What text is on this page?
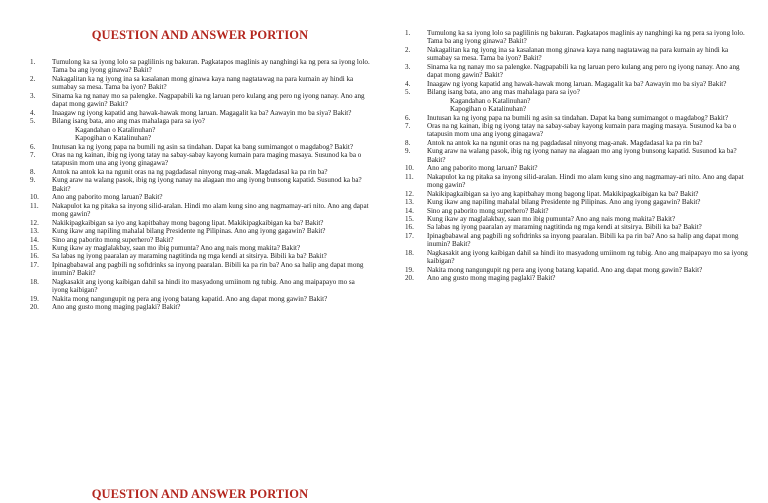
QUESTION AND ANSWER PORTION
1.	Tumulong ka sa iyong lolo sa paglilinis ng bakuran. Pagkatapos maglinis ay nanghingi ka ng pera sa iyong lolo. Tama ba ang iyong ginawa? Bakit?
2.	Nakagalitan ka ng iyong ina sa kasalanan mong ginawa kaya nang nagtatawag na para kumain ay hindi ka sumabay sa mesa. Tama ba iyon? Bakit?
3.	Sinama ka ng nanay mo sa palengke. Nagpapabili ka ng laruan pero kulang ang pero ng iyong nanay. Ano ang dapat mong gawin? Bakit?
4.	Inaagaw ng iyong kapatid ang hawak-hawak mong laruan. Magagalit ka ba? Aawayin mo ba siya? Bakit?
5.	Bilang isang bata, ano ang mas mahalaga para sa iyo?
Kagandahan o Katalinuhan?
Kapogihan o Katalinuhan?
6.	Inutusan ka ng iyong papa na bumili ng asin sa tindahan. Dapat ka bang sumimangot o magdabog? Bakit?
7.	Oras na ng kainan, ibig ng iyong tatay na sabay-sabay kayong kumain para maging masaya. Susunod ka ba o tatapusin mom una ang iyong ginagawa?
8.	Antok na antok ka na ngunit oras na ng pagdadasal ninyong mag-anak. Magdadasal ka pa rin ba?
9.	Kung araw na walang pasok, ibig ng iyong nanay na alagaan mo ang iyong bunsong kapatid. Susunod ka ba? Bakit?
10.	Ano ang paborito mong laruan? Bakit?
11.	Nakapulot ka ng pitaka sa inyong silid-aralan. Hindi mo alam kung sino ang nagmamay-ari nito. Ano ang dapat mong gawin?
12.	Nakikipagkaibigan sa iyo ang kapitbahay mong bagong lipat. Makikipagkaibigan ka ba? Bakit?
13.	Kung ikaw ang napiling mahalal bilang Presidente ng Pilipinas. Ano ang iyong gagawin? Bakit?
14.	Sino ang paborito mong superhero? Bakit?
15.	Kung ikaw ay maglalakbay, saan mo ibig pumunta? Ano ang nais mong makita? Bakit?
16.	Sa labas ng iyong paaralan ay maraming nagtitinda ng mga kendi at sitsirya. Bibili ka ba? Bakit?
17.	Ipinagbabawal ang pagbili ng softdrinks sa inyong paaralan. Bibili ka pa rin ba? Ano sa halip ang dapat mong inumin? Bakit?
18.	Nagkasakit ang iyong kaibigan dahil sa hindi ito masyadong umiinom ng tubig. Ano ang maipapayo mo sa iyong kaibigan?
19.	Nakita mong nangungupit ng pera ang iyong batang kapatid. Ano ang dapat mong gawin? Bakit?
20.	Ano ang gusto mong maging paglaki? Bakit?
1.	Tumulong ka sa iyong lolo sa paglilinis ng bakuran. Pagkatapos maglinis ay nanghingi ka ng pera sa iyong lolo. Tama ba ang iyong ginawa? Bakit?
2.	Nakagalitan ka ng iyong ina sa kasalanan mong ginawa kaya nang nagtatawag na para kumain ay hindi ka sumabay sa mesa. Tama ba iyon? Bakit?
3.	Sinama ka ng nanay mo sa palengke. Nagpapabili ka ng laruan pero kulang ang pero ng iyong nanay. Ano ang dapat mong gawin? Bakit?
4.	Inaagaw ng iyong kapatid ang hawak-hawak mong laruan. Magagalit ka ba? Aawayin mo ba siya? Bakit?
5.	Bilang isang bata, ano ang mas mahalaga para sa iyo?
Kagandahan o Katalinuhan?
Kapogihan o Katalinuhan?
6.	Inutusan ka ng iyong papa na bumili ng asin sa tindahan. Dapat ka bang sumimangot o magdabog? Bakit?
7.	Oras na ng kainan, ibig ng iyong tatay na sabay-sabay kayong kumain para maging masaya. Susunod ka ba o tatapusin mom una ang iyong ginagawa?
8.	Antok na antok ka na ngunit oras na ng pagdadasal ninyong mag-anak. Magdadasal ka pa rin ba?
9.	Kung araw na walang pasok, ibig ng iyong nanay na alagaan mo ang iyong bunsong kapatid. Susunod ka ba? Bakit?
10.	Ano ang paborito mong laruan? Bakit?
11.	Nakapulot ka ng pitaka sa inyong silid-aralan. Hindi mo alam kung sino ang nagmamay-ari nito. Ano ang dapat mong gawin?
12.	Nakikipagkaibigan sa iyo ang kapitbahay mong bagong lipat. Makikipagkaibigan ka ba? Bakit?
13.	Kung ikaw ang napiling mahalal bilang Presidente ng Pilipinas. Ano ang iyong gagawin? Bakit?
14.	Sino ang paborito mong superhero? Bakit?
15.	Kung ikaw ay maglalakbay, saan mo ibig pumunta? Ano ang nais mong makita? Bakit?
16.	Sa labas ng iyong paaralan ay maraming nagtitinda ng mga kendi at sitsirya. Bibili ka ba? Bakit?
17.	Ipinagbabawal ang pagbili ng softdrinks sa inyong paaralan. Bibili ka pa rin ba? Ano sa halip ang dapat mong inumin? Bakit?
18.	Nagkasakit ang iyong kaibigan dahil sa hindi ito masyadong umiinom ng tubig. Ano ang maipapayo mo sa iyong kaibigan?
19.	Nakita mong nangungupit ng pera ang iyong batang kapatid. Ano ang dapat mong gawin? Bakit?
20.	Ano ang gusto mong maging paglaki? Bakit?
QUESTION AND ANSWER PORTION
